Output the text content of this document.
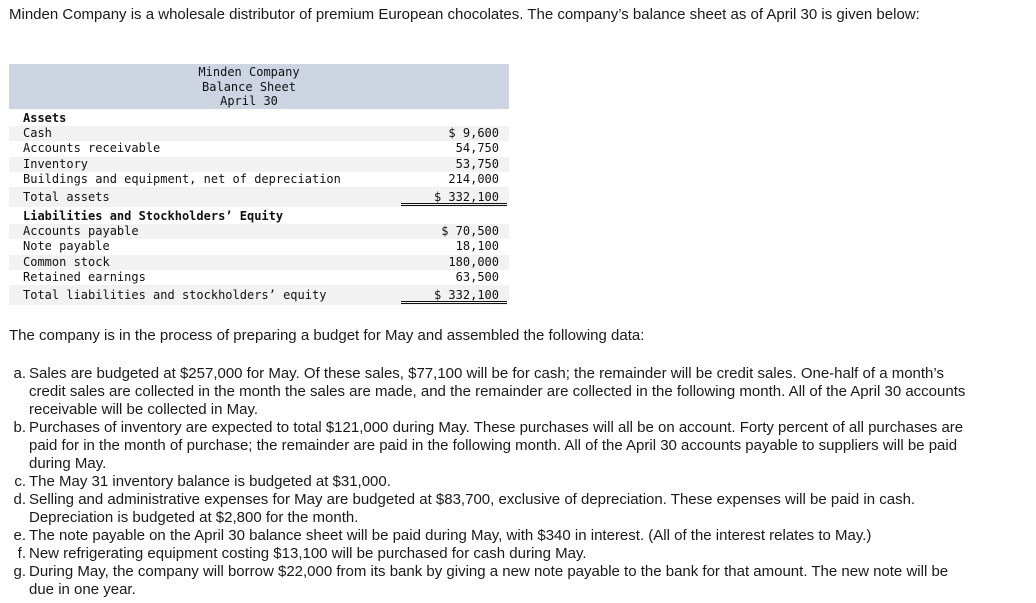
Minden Company is a wholesale distributor of premium European chocolates. The company’s balance sheet as of April 30 is given below:

Minden Company
Balance Sheet
April 30
Assets
Cash	$ 9,600
Accounts receivable	54,750
Inventory	53,750
Buildings and equipment, net of depreciation	214,000
Total assets	$ 332,100
Liabilities and Stockholders’ Equity
Accounts payable	$ 70,500
Note payable	18,100
Common stock	180,000
Retained earnings	63,500
Total liabilities and stockholders’ equity	$ 332,100

The company is in the process of preparing a budget for May and assembled the following data:

a. Sales are budgeted at $257,000 for May. Of these sales, $77,100 will be for cash; the remainder will be credit sales. One-half of a month’s credit sales are collected in the month the sales are made, and the remainder are collected in the following month. All of the April 30 accounts receivable will be collected in May.
b. Purchases of inventory are expected to total $121,000 during May. These purchases will all be on account. Forty percent of all purchases are paid for in the month of purchase; the remainder are paid in the following month. All of the April 30 accounts payable to suppliers will be paid during May.
c. The May 31 inventory balance is budgeted at $31,000.
d. Selling and administrative expenses for May are budgeted at $83,700, exclusive of depreciation. These expenses will be paid in cash. Depreciation is budgeted at $2,800 for the month.
e. The note payable on the April 30 balance sheet will be paid during May, with $340 in interest. (All of the interest relates to May.)
f. New refrigerating equipment costing $13,100 will be purchased for cash during May.
g. During May, the company will borrow $22,000 from its bank by giving a new note payable to the bank for that amount. The new note will be due in one year.
